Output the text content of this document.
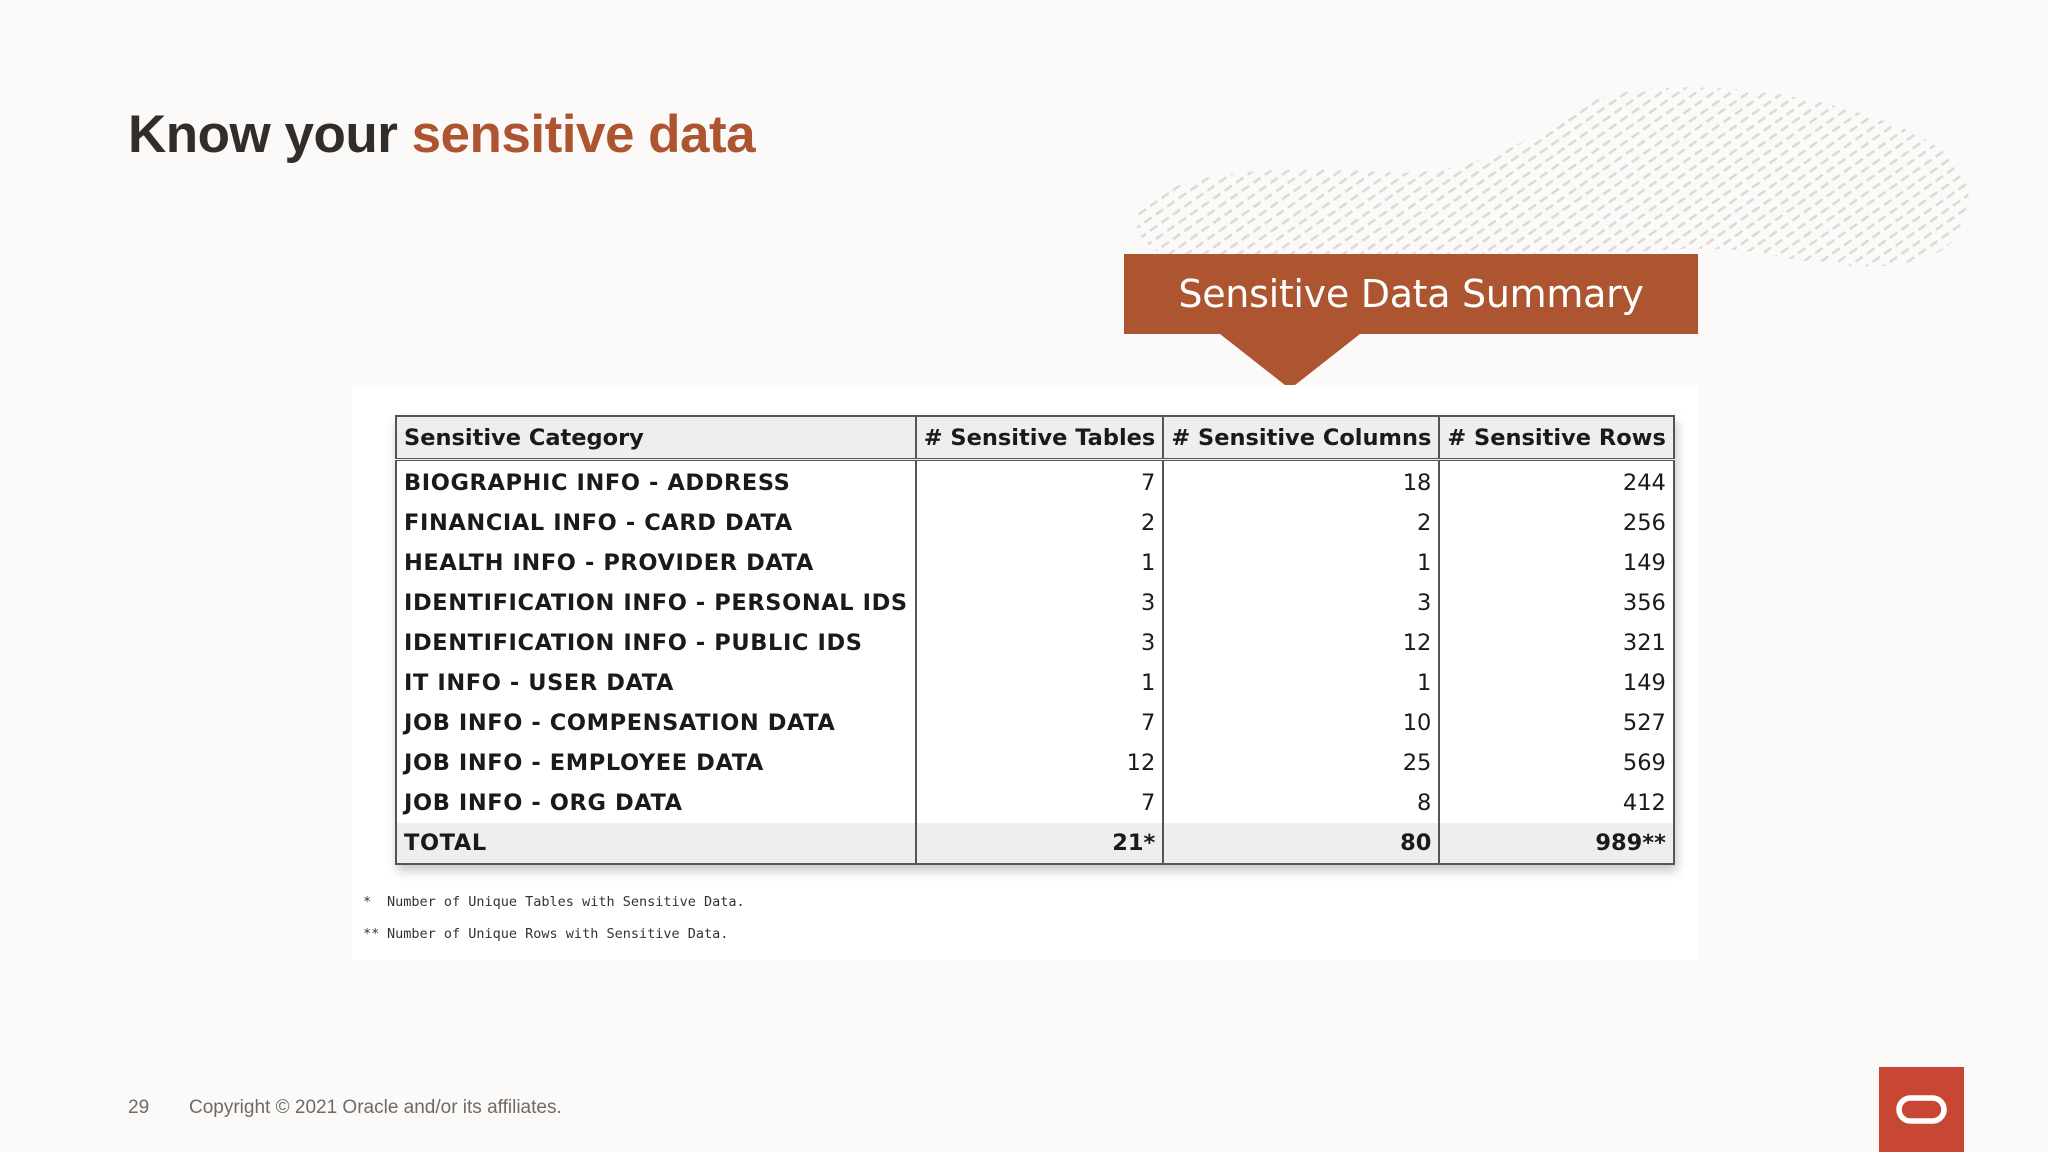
Know your sensitive data
Sensitive Data Summary
Sensitive Category	# Sensitive Tables	# Sensitive Columns	# Sensitive Rows
BIOGRAPHIC INFO - ADDRESS	7	18	244
FINANCIAL INFO - CARD DATA	2	2	256
HEALTH INFO - PROVIDER DATA	1	1	149
IDENTIFICATION INFO - PERSONAL IDS	3	3	356
IDENTIFICATION INFO - PUBLIC IDS	3	12	321
IT INFO - USER DATA	1	1	149
JOB INFO - COMPENSATION DATA	7	10	527
JOB INFO - EMPLOYEE DATA	12	25	569
JOB INFO - ORG DATA	7	8	412
TOTAL	21*	80	989**
* Number of Unique Tables with Sensitive Data.
** Number of Unique Rows with Sensitive Data.
29 Copyright © 2021 Oracle and/or its affiliates.
